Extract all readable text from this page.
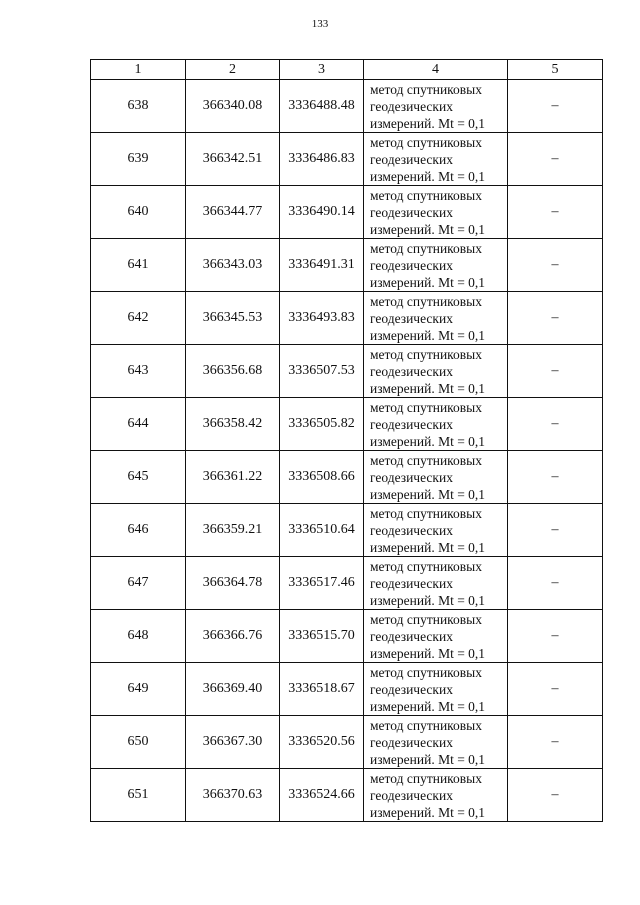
133
1	2	3	4	5
638	366340.08	3336488.48	метод спутниковых
геодезических
измерений. Mt = 0,1	–
639	366342.51	3336486.83	метод спутниковых
геодезических
измерений. Mt = 0,1	–
640	366344.77	3336490.14	метод спутниковых
геодезических
измерений. Mt = 0,1	–
641	366343.03	3336491.31	метод спутниковых
геодезических
измерений. Mt = 0,1	–
642	366345.53	3336493.83	метод спутниковых
геодезических
измерений. Mt = 0,1	–
643	366356.68	3336507.53	метод спутниковых
геодезических
измерений. Mt = 0,1	–
644	366358.42	3336505.82	метод спутниковых
геодезических
измерений. Mt = 0,1	–
645	366361.22	3336508.66	метод спутниковых
геодезических
измерений. Mt = 0,1	–
646	366359.21	3336510.64	метод спутниковых
геодезических
измерений. Mt = 0,1	–
647	366364.78	3336517.46	метод спутниковых
геодезических
измерений. Mt = 0,1	–
648	366366.76	3336515.70	метод спутниковых
геодезических
измерений. Mt = 0,1	–
649	366369.40	3336518.67	метод спутниковых
геодезических
измерений. Mt = 0,1	–
650	366367.30	3336520.56	метод спутниковых
геодезических
измерений. Mt = 0,1	–
651	366370.63	3336524.66	метод спутниковых
геодезических
измерений. Mt = 0,1	–
